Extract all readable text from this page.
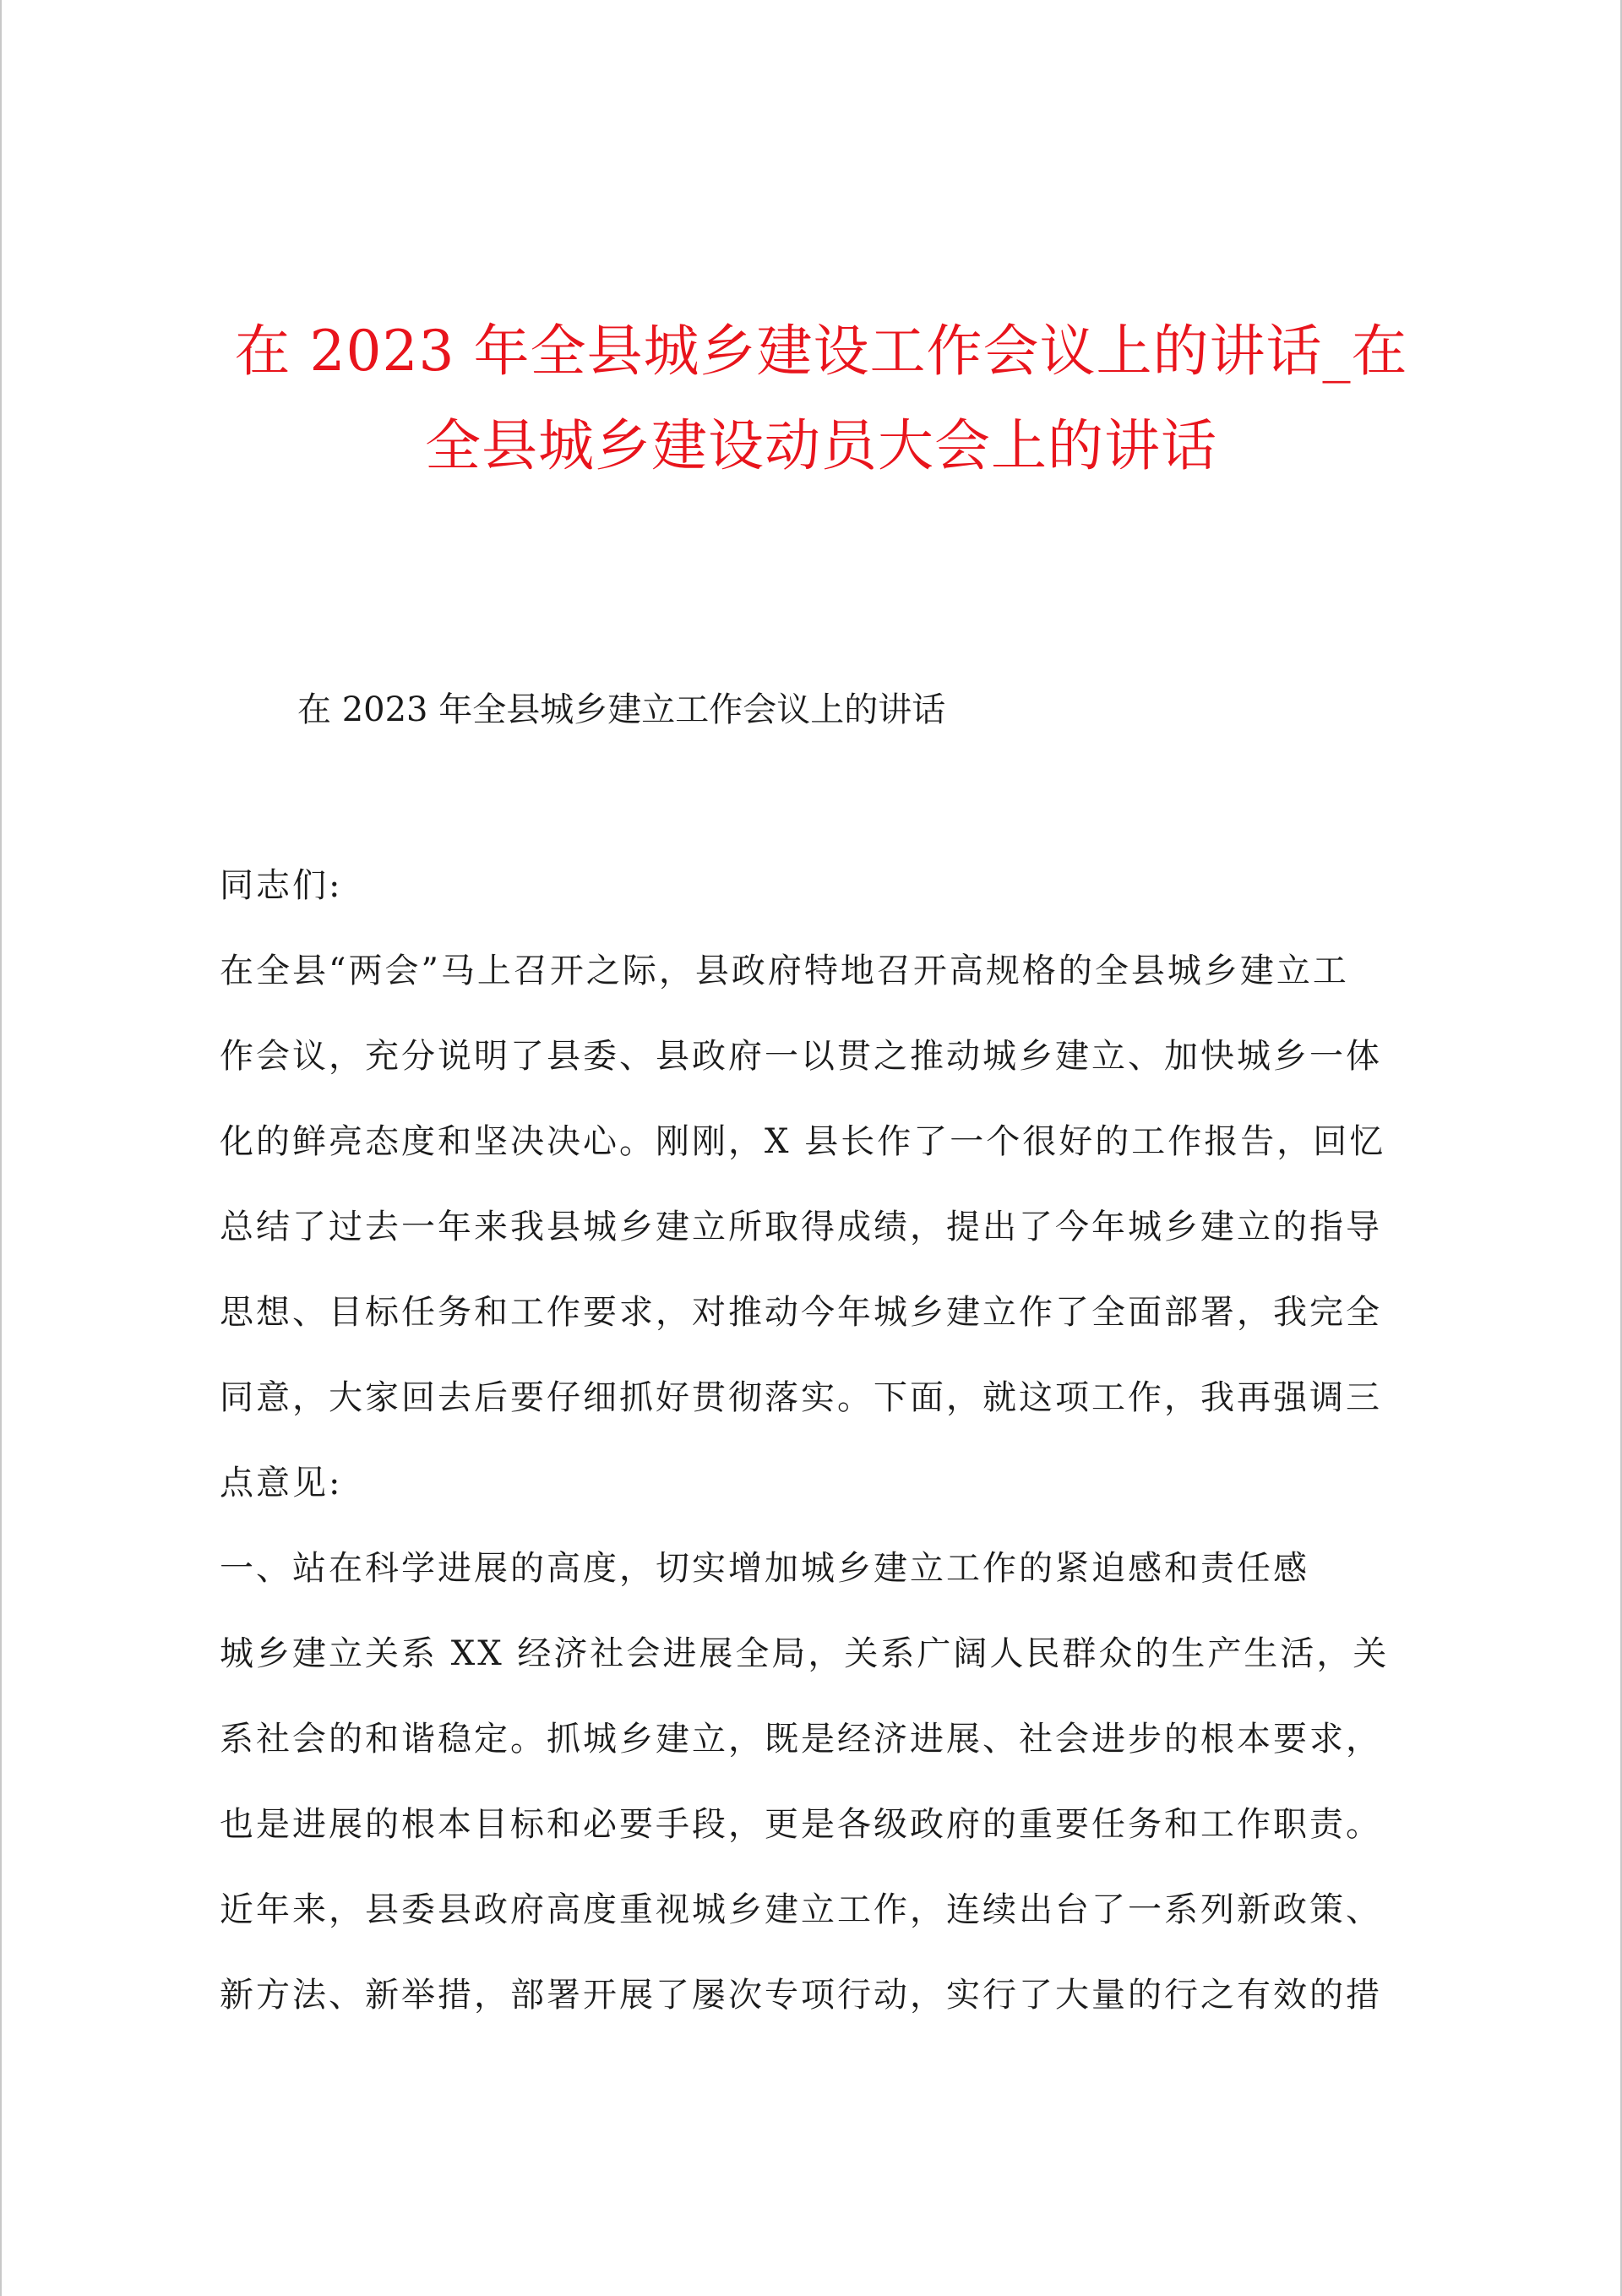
在 2023 年全县城乡建设工作会议上的讲话_在
全县城乡建设动员大会上的讲话

在 2023 年全县城乡建立工作会议上的讲话

同志们:

在全县“两会”马上召开之际，县政府特地召开高规格的全县城乡建立工

作会议，充分说明了县委、县政府一以贯之推动城乡建立、加快城乡一体

化的鲜亮态度和坚决决心。刚刚，X 县长作了一个很好的工作报告，回忆

总结了过去一年来我县城乡建立所取得成绩，提出了今年城乡建立的指导

思想、目标任务和工作要求，对推动今年城乡建立作了全面部署，我完全

同意，大家回去后要仔细抓好贯彻落实。下面，就这项工作，我再强调三

点意见:

一、站在科学进展的高度，切实增加城乡建立工作的紧迫感和责任感

城乡建立关系 XX 经济社会进展全局，关系广阔人民群众的生产生活，关

系社会的和谐稳定。抓城乡建立，既是经济进展、社会进步的根本要求，

也是进展的根本目标和必要手段，更是各级政府的重要任务和工作职责。

近年来，县委县政府高度重视城乡建立工作，连续出台了一系列新政策、

新方法、新举措，部署开展了屡次专项行动，实行了大量的行之有效的措
